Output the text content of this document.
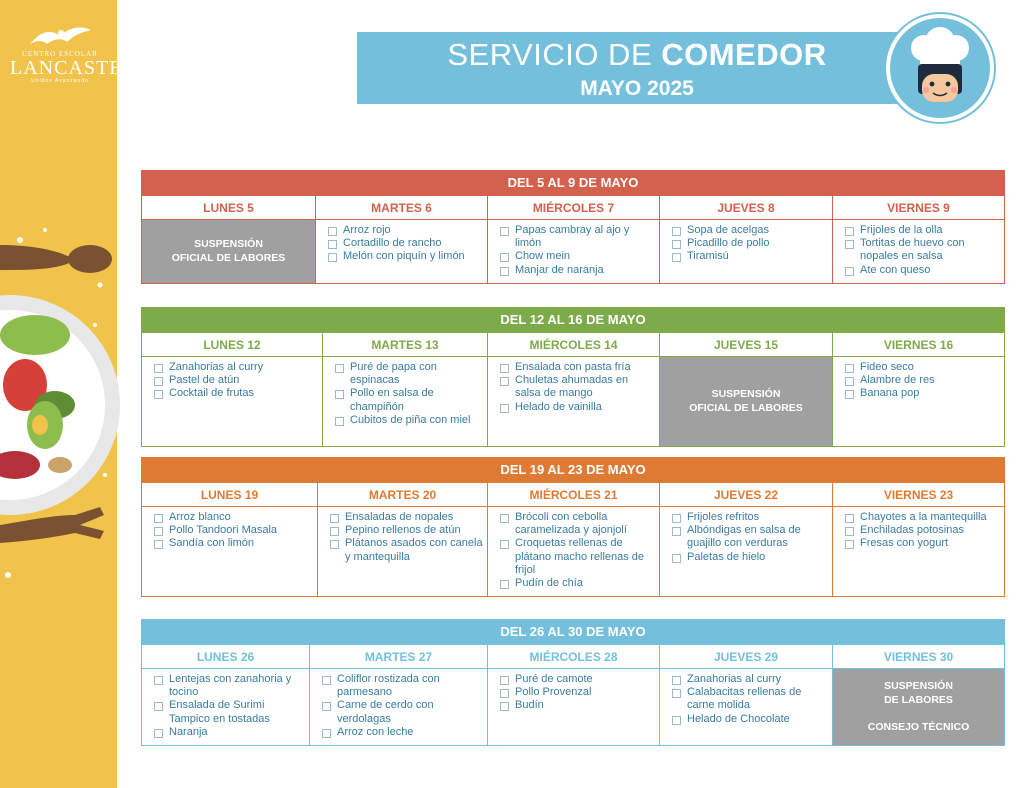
CENTRO ESCOLAR
LANCASTER
Unidos Avanzando
SERVICIO DE COMEDOR
MAYO 2025
DEL 5 AL 9 DE MAYO
LUNES 5
SUSPENSIÓN
OFICIAL DE LABORES
MARTES 6
Arroz rojo
Cortadillo de rancho
Melón con piquín y limón
MIÉRCOLES 7
Papas cambray al ajo y limón
Chow mein
Manjar de naranja
JUEVES 8
Sopa de acelgas
Picadillo de pollo
Tiramisú
VIERNES 9
Frijoles de la olla
Tortitas de huevo con nopales en salsa
Ate con queso
DEL 12 AL 16 DE MAYO
LUNES 12
Zanahorias al curry
Pastel de atún
Cocktail de frutas
MARTES 13
Puré de papa con espinacas
Pollo en salsa de champiñón
Cubitos de piña con miel
MIÉRCOLES 14
Ensalada con pasta fría
Chuletas ahumadas en salsa de mango
Helado de vainilla
JUEVES 15
SUSPENSIÓN
OFICIAL DE LABORES
VIERNES 16
Fideo seco
Alambre de res
Banana pop
DEL 19 AL 23 DE MAYO
LUNES 19
Arroz blanco
Pollo Tandoori Masala
Sandía con limón
MARTES 20
Ensaladas de nopales
Pepino rellenos de atún
Plátanos asados con canela y mantequilla
MIÉRCOLES 21
Brócoli con cebolla caramelizada y ajonjolí
Croquetas rellenas de plátano macho rellenas de frijol
Pudín de chía
JUEVES 22
Frijoles refritos
Albóndigas en salsa de guajillo con verduras
Paletas de hielo
VIERNES 23
Chayotes a la mantequilla
Enchiladas potosinas
Fresas con yogurt
DEL 26 AL 30 DE MAYO
LUNES 26
Lentejas con zanahoria y tocino
Ensalada de Surimi Tampico en tostadas
Naranja
MARTES 27
Coliflor rostizada con parmesano
Carne de cerdo con verdolagas
Arroz con leche
MIÉRCOLES 28
Puré de camote
Pollo Provenzal
Budín
JUEVES 29
Zanahorias al curry
Calabacitas rellenas de carne molida
Helado de Chocolate
VIERNES 30
SUSPENSIÓN
DE LABORES

CONSEJO TÉCNICO
